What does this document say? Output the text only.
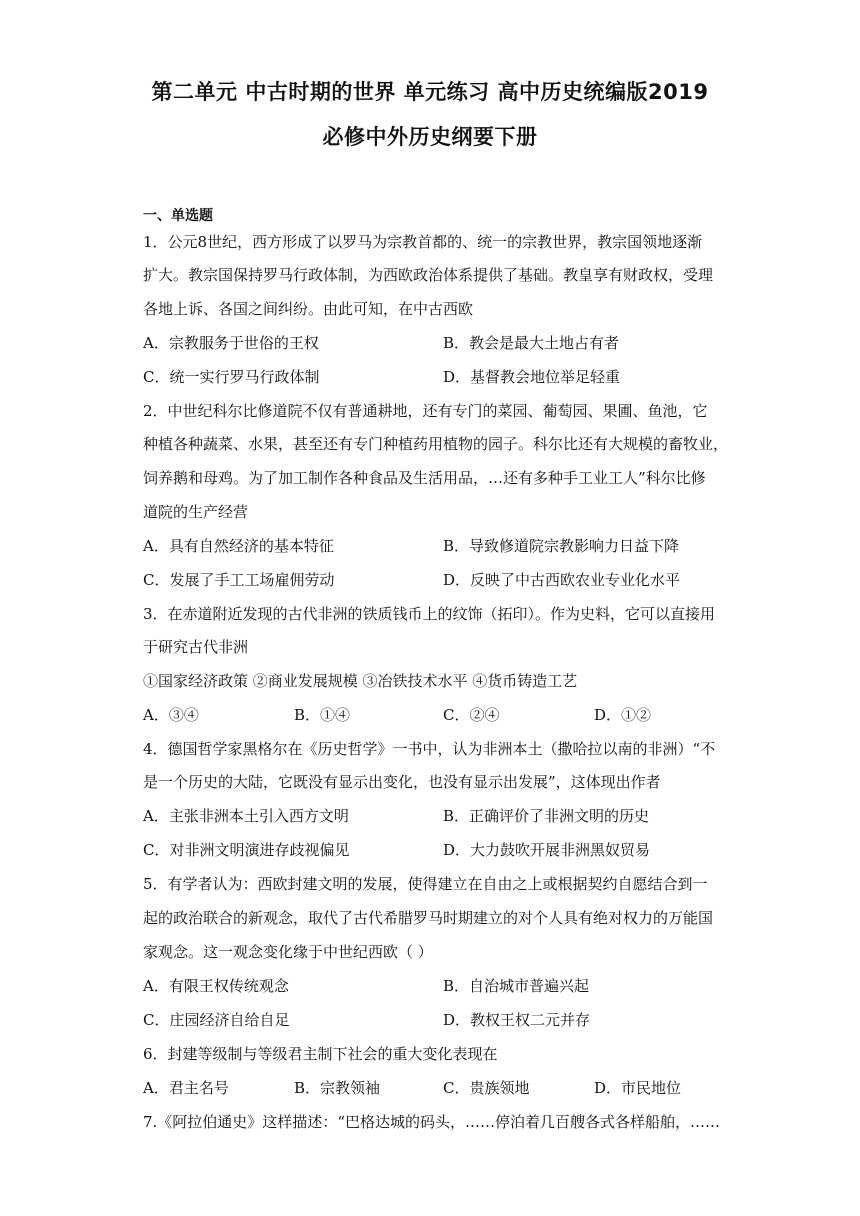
第二单元 中古时期的世界 单元练习 高中历史统编版2019
必修中外历史纲要下册
一、单选题
1．公元8世纪，西方形成了以罗马为宗教首都的、统一的宗教世界，教宗国领地逐渐
扩大。教宗国保持罗马行政体制，为西欧政治体系提供了基础。教皇享有财政权，受理
各地上诉、各国之间纠纷。由此可知，在中古西欧
A．宗教服务于世俗的王权	B．教会是最大土地占有者
C．统一实行罗马行政体制	D．基督教会地位举足轻重
2．中世纪科尔比修道院不仅有普通耕地，还有专门的菜园、葡萄园、果圃、鱼池，它
种植各种蔬菜、水果，甚至还有专门种植药用植物的园子。科尔比还有大规模的畜牧业，
饲养鹅和母鸡。为了加工制作各种食品及生活用品，…还有多种手工业工人”科尔比修
道院的生产经营
A．具有自然经济的基本特征	B．导致修道院宗教影响力日益下降
C．发展了手工工场雇佣劳动	D．反映了中古西欧农业专业化水平
3．在赤道附近发现的古代非洲的铁质钱币上的纹饰（拓印）。作为史料，它可以直接用
于研究古代非洲
①国家经济政策 ②商业发展规模 ③冶铁技术水平 ④货币铸造工艺
A．③④	B．①④	C．②④	D．①②
4．德国哲学家黑格尔在《历史哲学》一书中，认为非洲本土（撒哈拉以南的非洲）“不
是一个历史的大陆，它既没有显示出变化，也没有显示出发展”，这体现出作者
A．主张非洲本土引入西方文明	B．正确评价了非洲文明的历史
C．对非洲文明演进存歧视偏见	D．大力鼓吹开展非洲黑奴贸易
5．有学者认为：西欧封建文明的发展，使得建立在自由之上或根据契约自愿结合到一
起的政治联合的新观念，取代了古代希腊罗马时期建立的对个人具有绝对权力的万能国
家观念。这一观念变化缘于中世纪西欧（ ）
A．有限王权传统观念	B．自治城市普遍兴起
C．庄园经济自给自足	D．教权王权二元并存
6．封建等级制与等级君主制下社会的重大变化表现在
A．君主名号	B．宗教领袖	C．贵族领地	D．市民地位
7.《阿拉伯通史》这样描述：“巴格达城的码头，……停泊着几百艘各式各样船舶，……
